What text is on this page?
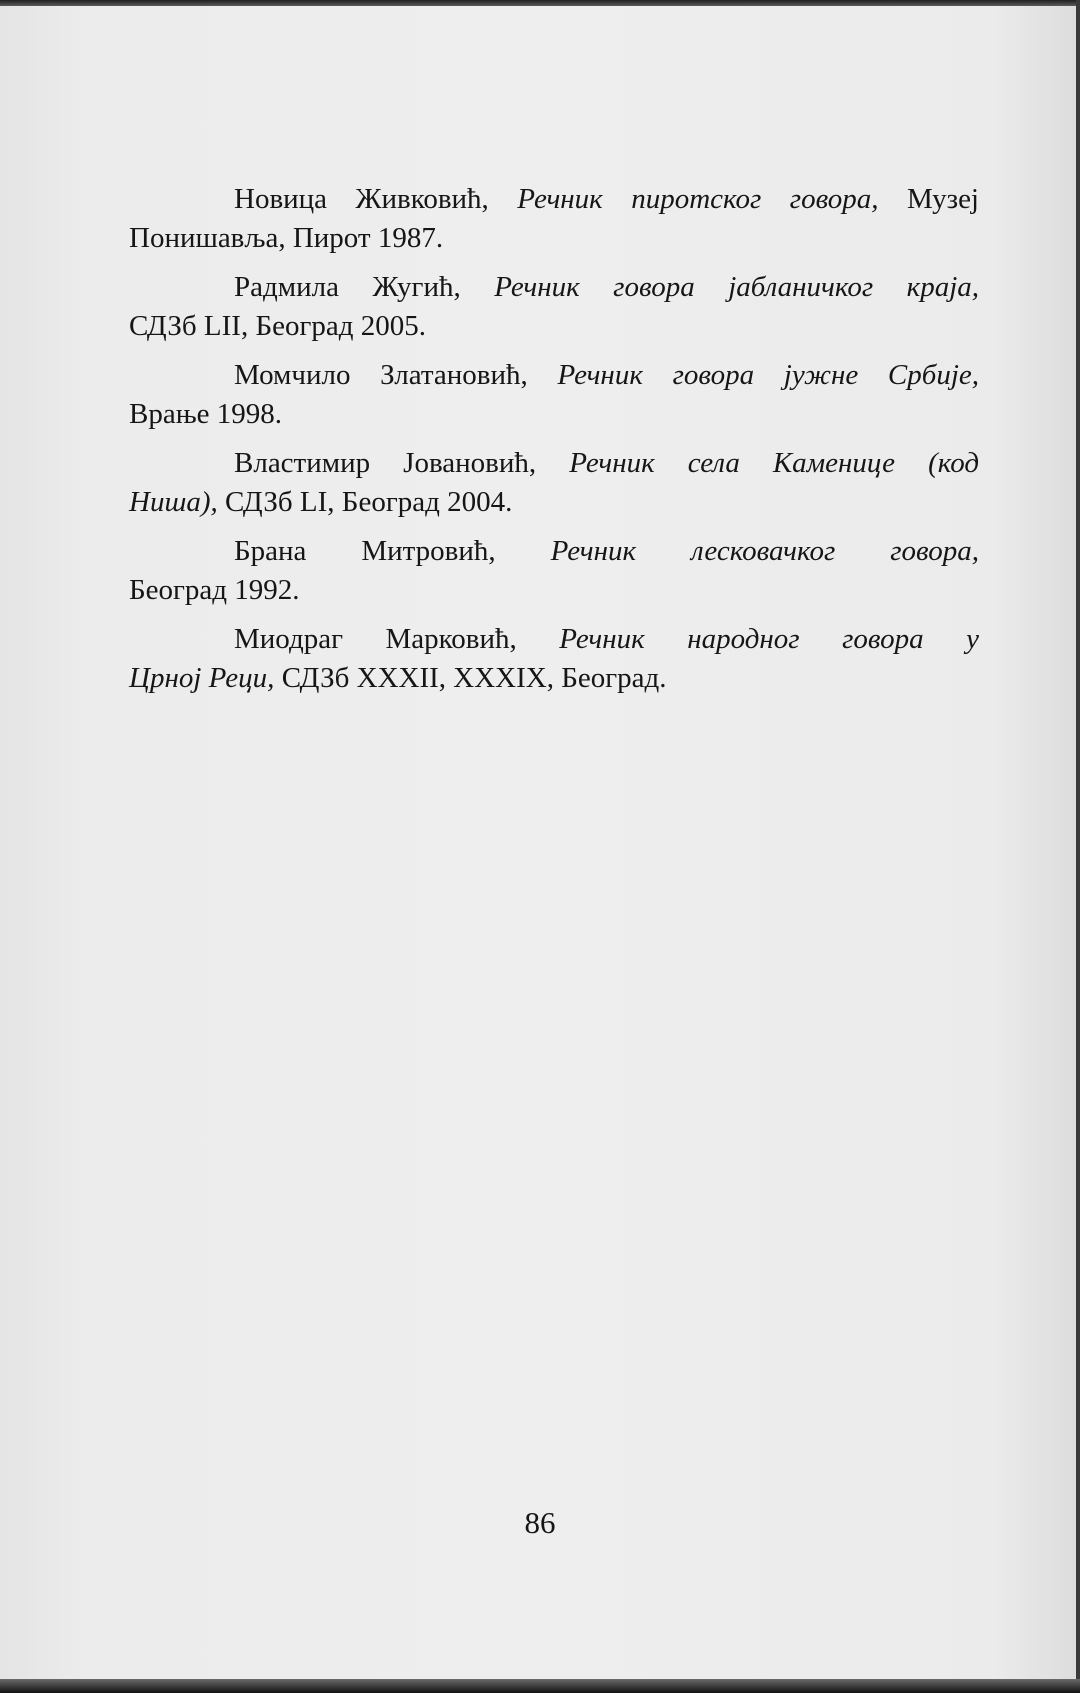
Новица Живковић, Речник пиротског говора, Музеј
Понишавља, Пирот 1987.

Радмила Жугић, Речник говора јабланичког краја,
СДЗб LII, Београд 2005.

Момчило Златановић, Речник говора јужне Србије,
Врање 1998.

Властимир Јовановић, Речник села Каменице (код
Ниша), СДЗб LI, Београд 2004.

Брана Митровић, Речник лесковачког говора,
Београд 1992.

Миодраг Марковић, Речник народног говора у
Црној Реци, СДЗб XXXII, XXXIX, Београд.

86
